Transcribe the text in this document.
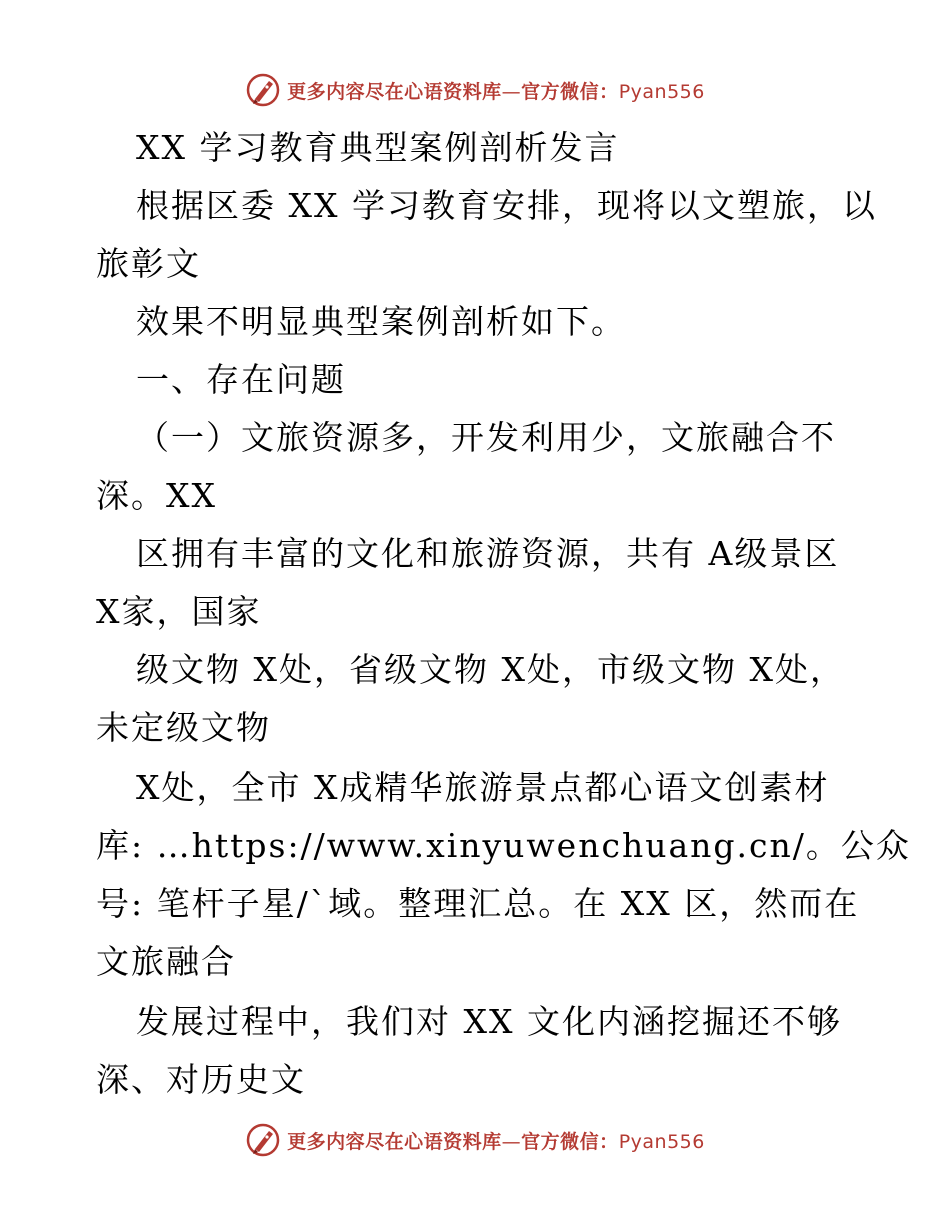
更多内容尽在心语资料库—官方微信：Pyan556
XX 学习教育典型案例剖析发言
根据区委 XX 学习教育安排，现将以文塑旅，以
旅彰文
效果不明显典型案例剖析如下。
一、存在问题
（一）文旅资源多，开发利用少，文旅融合不
深。XX
区拥有丰富的文化和旅游资源，共有 A级景区
X家，国家
级文物 X处，省级文物 X处，市级文物 X处，
未定级文物
X处，全市 X成精华旅游景点都心语文创素材
库: …https://www.xinyuwenchuang.cn/。公众
号: 笔杆子星/`域。整理汇总。在 XX 区，然而在
文旅融合
发展过程中，我们对 XX 文化内涵挖掘还不够
深、对历史文
更多内容尽在心语资料库—官方微信：Pyan556
